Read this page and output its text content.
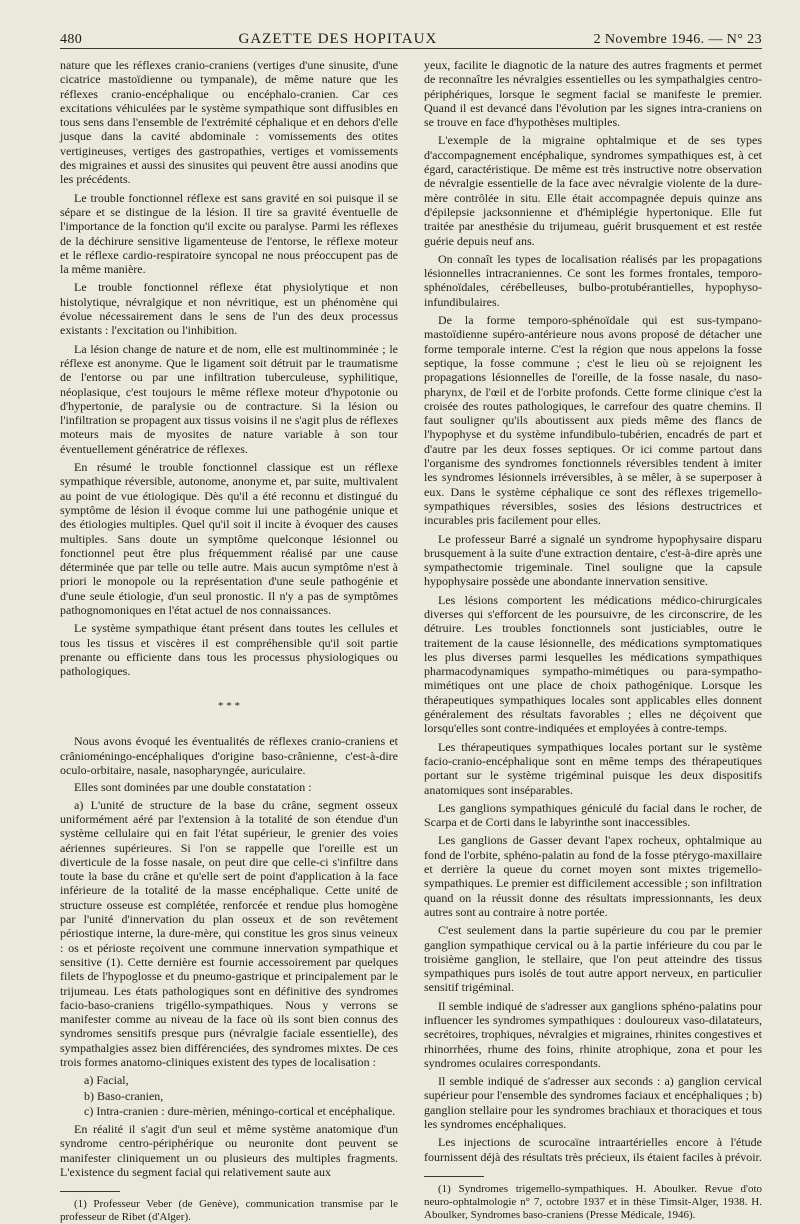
480	GAZETTE DES HOPITAUX	2 Novembre 1946. — N° 23

nature que les réflexes cranio-craniens (vertiges d'une sinusite, d'une cicatrice mastoïdienne ou tympanale), de même nature que les réflexes cranio-encéphalique ou encéphalo-cranien. Car ces excitations véhiculées par le système sympathique sont diffusibles en tous sens dans l'ensemble de l'extrémité céphalique et en dehors d'elle jusque dans la cavité abdominale : vomissements des otites vertigineuses, vertiges des gastropathies, vertiges et vomissements des migraines et aussi des sinusites qui peuvent être aussi anodins que les précédents.

Le trouble fonctionnel réflexe est sans gravité en soi puisque il se sépare et se distingue de la lésion. Il tire sa gravité éventuelle de l'importance de la fonction qu'il excite ou paralyse. Parmi les réflexes de la déchirure sensitive ligamenteuse de l'entorse, le réflexe moteur et le réflexe cardio-respiratoire syncopal ne nous préoccupent pas de la même manière.

Le trouble fonctionnel réflexe état physiolytique et non histolytique, névralgique et non névritique, est un phénomène qui évolue nécessairement dans le sens de l'un des deux processus existants : l'excitation ou l'inhibition.

La lésion change de nature et de nom, elle est multinomminée ; le réflexe est anonyme. Que le ligament soit détruit par le traumatisme de l'entorse ou par une infiltration tuberculeuse, syphilitique, néoplasique, c'est toujours le même réflexe moteur d'hypotonie ou d'hypertonie, de paralysie ou de contracture. Si la lésion ou l'infiltration se propagent aux tissus voisins il ne s'agit plus de réflexes moteurs mais de myosites de nature variable à son tour éventuellement génératrice de réflexes.

En résumé le trouble fonctionnel classique est un réflexe sympathique réversible, autonome, anonyme et, par suite, multivalent au point de vue étiologique. Dès qu'il a été reconnu et distingué du symptôme de lésion il évoque comme lui une pathogénie unique et des étiologies multiples. Quel qu'il soit il incite à évoquer des causes multiples. Sans doute un symptôme quelconque lésionnel ou fonctionnel peut être plus fréquemment réalisé par une cause déterminée que par telle ou telle autre. Mais aucun symptôme n'est à priori le monopole ou la représentation d'une seule pathogénie et d'une seule étiologie, d'un seul pronostic. Il n'y a pas de symptômes pathognomoniques en l'état actuel de nos connaissances.

Le système sympathique étant présent dans toutes les cellules et tous les tissus et viscères il est compréhensible qu'il soit partie prenante ou efficiente dans tous les processus physiologiques ou pathologiques.

* * *

Nous avons évoqué les éventualités de réflexes cranio-craniens et crânioméningo-encéphaliques d'origine baso-crânienne, c'est-à-dire oculo-orbitaire, nasale, nasopharyngée, auriculaire.

Elles sont dominées par une double constatation :

a) L'unité de structure de la base du crâne, segment osseux uniformément aéré par l'extension à la totalité de son étendue d'un système cellulaire qui en fait l'état supérieur, le grenier des voies aériennes supérieures. Si l'on se rappelle que l'oreille est un diverticule de la fosse nasale, on peut dire que celle-ci s'infiltre dans toute la base du crâne et qu'elle sert de point d'application à la face inférieure de la totalité de la masse encéphalique. Cette unité de structure osseuse est complétée, renforcée et rendue plus homogène par l'unité d'innervation du plan osseux et de son revêtement périostique interne, la dure-mère, qui constitue les gros sinus veineux : os et périoste reçoivent une commune innervation sympathique et sensitive (1). Cette dernière est fournie accessoirement par quelques filets de l'hypoglosse et du pneumo-gastrique et principalement par le trijumeau. Les états pathologiques sont en définitive des syndromes facio-baso-craniens trigéllo-sympathiques. Nous y verrons se manifester comme au niveau de la face où ils sont bien connus des syndromes sensitifs presque purs (névralgie faciale essentielle), des sympathalgies assez bien différenciées, des syndromes mixtes. De ces trois formes anatomo-cliniques existent des types de localisation :

a) Facial,

b) Baso-cranien,

c) Intra-cranien : dure-mèrien, méningo-cortical et encéphalique.

En réalité il s'agit d'un seul et même système anatomique d'un syndrome centro-périphérique ou neuronite dont peuvent se manifester cliniquement un ou plusieurs des multiples fragments. L'existence du segment facial qui relativement saute aux

(1) Professeur Veber (de Genève), communication transmise par le professeur de Ribet (d'Alger).

yeux, facilite le diagnotic de la nature des autres fragments et permet de reconnaître les névralgies essentielles ou les sympathalgies centro-périphériques, lorsque le segment facial se manifeste le premier. Quand il est devancé dans l'évolution par les signes intra-craniens on se trouve en face d'hypothèses multiples.

L'exemple de la migraine ophtalmique et de ses types d'accompagnement encéphalique, syndromes sympathiques est, à cet égard, caractéristique. De même est très instructive notre observation de névralgie essentielle de la face avec névralgie violente de la dure-mère contrôlée in situ. Elle était accompagnée depuis quinze ans d'épilepsie jacksonnienne et d'hémiplégie hypertonique. Elle fut traitée par anesthésie du trijumeau, guérit brusquement et est restée guérie depuis neuf ans.

On connaît les types de localisation réalisés par les propagations lésionnelles intracraniennes. Ce sont les formes frontales, temporo-sphénoïdales, cérébelleuses, bulbo-protubérantielles, hypophyso-infundibulaires.

De la forme temporo-sphénoïdale qui est sus-tympano-mastoïdienne supéro-antérieure nous avons proposé de détacher une forme temporale interne. C'est la région que nous appelons la fosse septique, la fosse commune ; c'est le lieu où se rejoignent les propagations lésionnelles de l'oreille, de la fosse nasale, du naso-pharynx, de l'œil et de l'orbite profonds. Cette forme clinique c'est la croisée des routes pathologiques, le carrefour des quatre chemins. Il faut souligner qu'ils aboutissent aux pieds même des flancs de l'hypophyse et du système infundibulo-tubérien, encadrés de part et d'autre par les deux fosses septiques. Or ici comme partout dans l'organisme des syndromes fonctionnels réversibles tendent à imiter les syndromes lésionnels irréversibles, à se mêler, à se superposer à eux. Dans le système céphalique ce sont des réflexes trigemello-sympathiques réversibles, sosies des lésions destructrices et incurables pris facilement pour elles.

Le professeur Barré a signalé un syndrome hypophysaire disparu brusquement à la suite d'une extraction dentaire, c'est-à-dire après une sympathectomie trigeminale. Tinel souligne que la capsule hypophysaire possède une abondante innervation sensitive.

Les lésions comportent les médications médico-chirurgicales diverses qui s'efforcent de les poursuivre, de les circonscrire, de les détruire. Les troubles fonctionnels sont justiciables, outre le traitement de la cause lésionnelle, des médications symptomatiques les plus diverses parmi lesquelles les médications sympathiques pharmacodynamiques sympatho-mimétiques ou para-sympatho-mimétiques ont une place de choix pathogénique. Lorsque les thérapeutiques sympathiques locales sont applicables elles donnent généralement des résultats favorables ; elles ne déçoivent que lorsqu'elles sont contre-indiquées et employées à contre-temps.

Les thérapeutiques sympathiques locales portant sur le système facio-cranio-encéphalique sont en même temps des thérapeutiques portant sur le système trigéminal puisque les deux dispositifs anatomiques sont inséparables.

Les ganglions sympathiques géniculé du facial dans le rocher, de Scarpa et de Corti dans le labyrinthe sont inaccessibles.

Les ganglions de Gasser devant l'apex rocheux, ophtalmique au fond de l'orbite, sphéno-palatin au fond de la fosse ptérygo-maxillaire et derrière la queue du cornet moyen sont mixtes trigemello-sympathiques. Le premier est difficilement accessible ; son infiltration quand on la réussit donne des résultats impressionnants, les deux autres sont au contraire à notre portée.

C'est seulement dans la partie supérieure du cou par le premier ganglion sympathique cervical ou à la partie inférieure du cou par le troisième ganglion, le stellaire, que l'on peut atteindre des tissus sympathiques purs isolés de tout autre apport nerveux, en particulier sensitif trigéminal.

Il semble indiqué de s'adresser aux ganglions sphéno-palatins pour influencer les syndromes sympathiques : douloureux vaso-dilatateurs, secrétoires, trophiques, névralgies et migraines, rhinites congestives et rhinorrhées, rhume des foins, rhinite atrophique, zona et pour les syndromes oculaires correspondants.

Il semble indiqué de s'adresser aux seconds : a) ganglion cervical supérieur pour l'ensemble des syndromes faciaux et encéphaliques ; b) ganglion stellaire pour les syndromes brachiaux et thoraciques et tous les syndromes encéphaliques.

Les injections de scurocaïne intraartérielles encore à l'étude fournissent déjà des résultats très précieux, ils étaient faciles à prévoir.

(1) Syndromes trigemello-sympathiques. H. Aboulker. Revue d'oto neuro-ophtalmologie n° 7, octobre 1937 et in thèse Timsit-Alger, 1938. H. Aboulker, Syndromes baso-craniens (Presse Médicale, 1946).
